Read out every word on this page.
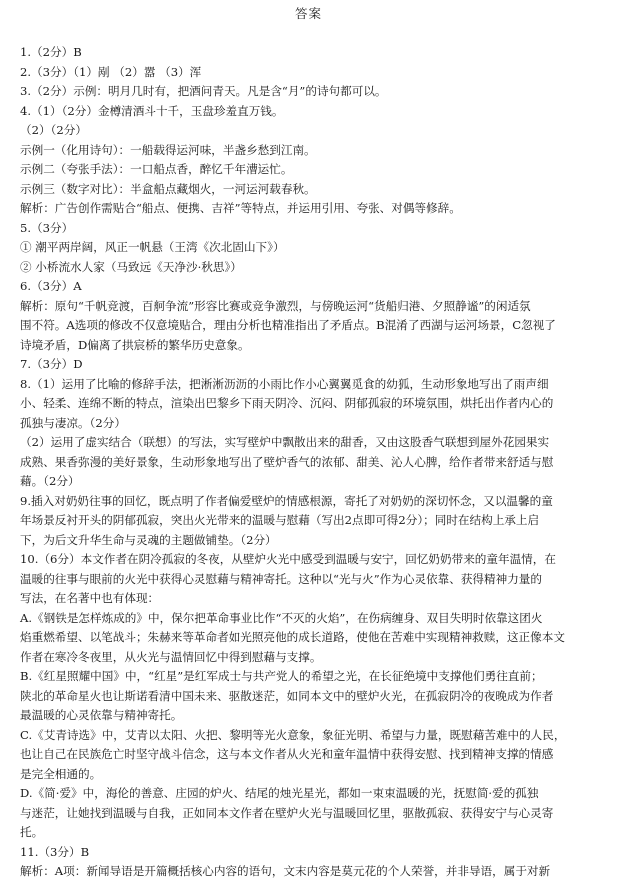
答案
1.（2分）B
2.（3分）（1）剐 （2）嚣 （3）浑
3.（2分）示例：明月几时有，把酒问青天。凡是含“月”的诗句都可以。
4.（1）（2分）金樽清酒斗十千，玉盘珍羞直万钱。
（2）（2分）
示例一（化用诗句）：一船载得运河味，半盏乡愁到江南。
示例二（夸张手法）：一口船点香，醉忆千年漕运忙。
示例三（数字对比）：半盒船点藏烟火，一河运河载春秋。
解析：广告创作需贴合“船点、便携、吉祥”等特点，并运用引用、夸张、对偶等修辞。
5.（3分）
① 潮平两岸阔，风正一帆悬（王湾《次北固山下》）
② 小桥流水人家（马致远《天净沙·秋思》）
6.（3分）A
解析：原句“千帆竞渡，百舸争流”形容比赛或竞争激烈，与傍晚运河“货船归港、夕照静谧”的闲适氛
围不符。A选项的修改不仅意境贴合，理由分析也精准指出了矛盾点。B混淆了西湖与运河场景，C忽视了
诗境矛盾，D偏离了拱宸桥的繁华历史意象。
7.（3分）D
8.（1）运用了比喻的修辞手法，把淅淅沥沥的小雨比作小心翼翼觅食的幼狐，生动形象地写出了雨声细
小、轻柔、连绵不断的特点，渲染出巴黎乡下雨天阴冷、沉闷、阴郁孤寂的环境氛围，烘托出作者内心的
孤独与凄凉。（2分）
（2）运用了虚实结合（联想）的写法，实写壁炉中飘散出来的甜香，又由这股香气联想到屋外花园果实
成熟、果香弥漫的美好景象，生动形象地写出了壁炉香气的浓郁、甜美、沁人心脾，给作者带来舒适与慰
藉。（2分）
9.插入对奶奶往事的回忆，既点明了作者偏爱壁炉的情感根源，寄托了对奶奶的深切怀念，又以温馨的童
年场景反衬开头的阴郁孤寂，突出火光带来的温暖与慰藉（写出2点即可得2分）；同时在结构上承上启
下，为后文升华生命与灵魂的主题做铺垫。（2分）
10.（6分）本文作者在阴冷孤寂的冬夜，从壁炉火光中感受到温暖与安宁，回忆奶奶带来的童年温情，在
温暖的往事与眼前的火光中获得心灵慰藉与精神寄托。这种以“光与火”作为心灵依靠、获得精神力量的
写法，在名著中也有体现：
A.《钢铁是怎样炼成的》中，保尔把革命事业比作“不灭的火焰”，在伤病缠身、双目失明时依靠这团火
焰重燃希望、以笔战斗；朱赫来等革命者如光照亮他的成长道路，使他在苦难中实现精神救赎，这正像本文
作者在寒冷冬夜里，从火光与温情回忆中得到慰藉与支撑。
B.《红星照耀中国》中，“红星”是红军成士与共产党人的希望之光，在长征绝境中支撑他们勇往直前；
陕北的革命星火也让斯诺看清中国未来、驱散迷茫，如同本文中的壁炉火光，在孤寂阴冷的夜晚成为作者
最温暖的心灵依靠与精神寄托。
C.《艾青诗选》中，艾青以太阳、火把、黎明等光火意象，象征光明、希望与力量，既慰藉苦难中的人民，
也让自己在民族危亡时坚守战斗信念，这与本文作者从火光和童年温情中获得安慰、找到精神支撑的情感
是完全相通的。
D.《简·爱》中，海伦的善意、庄园的炉火、结尾的烛光星光，都如一束束温暖的光，抚慰简·爱的孤独
与迷茫，让她找到温暖与自我，正如同本文作者在壁炉火光与温暖回忆里，驱散孤寂、获得安宁与心灵寄
托。
11.（3分）B
解析：A项：新闻导语是开篇概括核心内容的语句，文末内容是莫元花的个人荣誉，并非导语，属于对新
